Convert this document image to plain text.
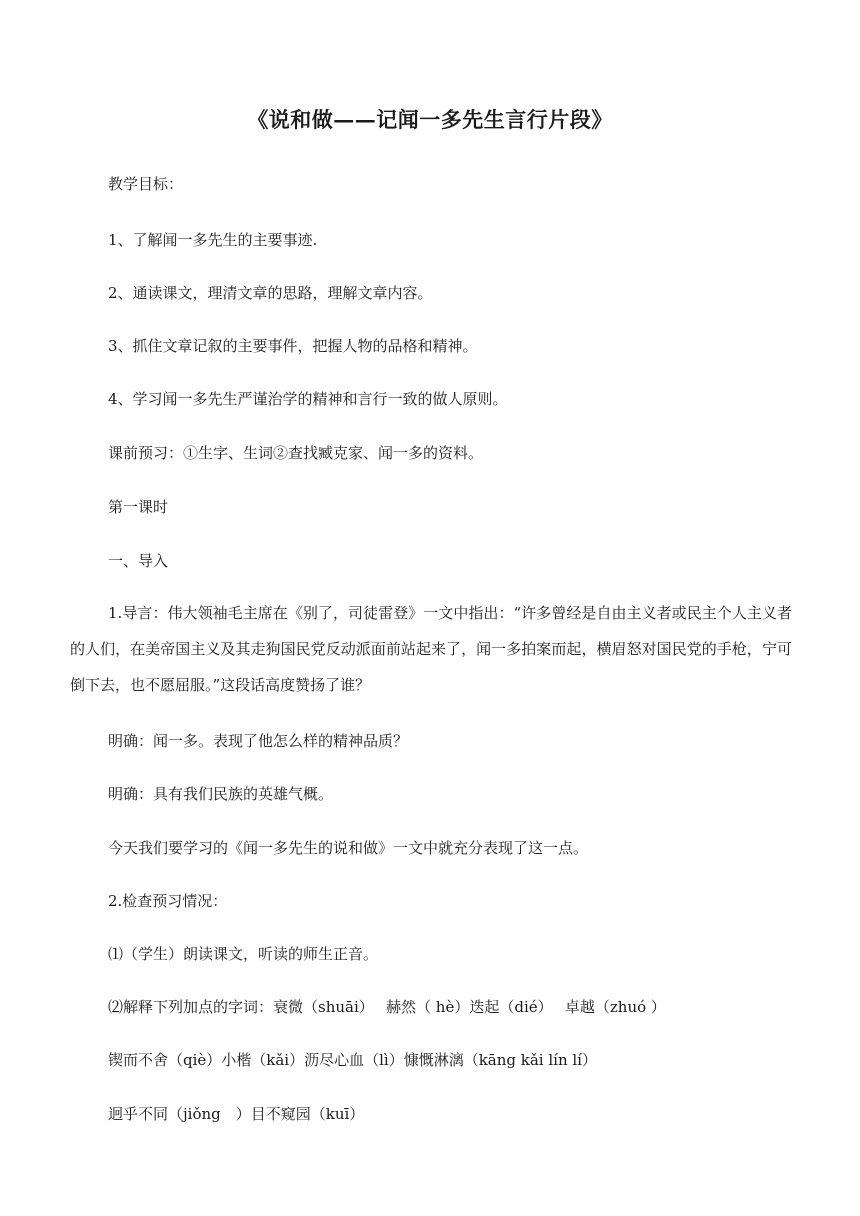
《说和做——记闻一多先生言行片段》
教学目标：
1、了解闻一多先生的主要事迹.
2、通读课文，理清文章的思路，理解文章内容。
3、抓住文章记叙的主要事件，把握人物的品格和精神。
4、学习闻一多先生严谨治学的精神和言行一致的做人原则。
课前预习：①生字、生词②查找臧克家、闻一多的资料。
第一课时
一、导入
1.导言：伟大领袖毛主席在《别了，司徒雷登》一文中指出：“许多曾经是自由主义者或民主个人主义者的人们，在美帝国主义及其走狗国民党反动派面前站起来了，闻一多拍案而起，横眉怒对国民党的手枪，宁可倒下去，也不愿屈服。”这段话高度赞扬了谁？
明确：闻一多。表现了他怎么样的精神品质？
明确：具有我们民族的英雄气概。
今天我们要学习的《闻一多先生的说和做》一文中就充分表现了这一点。
2.检查预习情况：
⑴（学生）朗读课文，听读的师生正音。
⑵解释下列加点的字词：衰微（shuāi）　 赫然（ hè）迭起（dié）　 卓越（zhuó ）
锲而不舍（qiè）小楷（kǎi）沥尽心血（lì）慷慨淋漓（kāng kǎi lín lí）
迥乎不同（jiǒng　）目不窥园（kuī）
